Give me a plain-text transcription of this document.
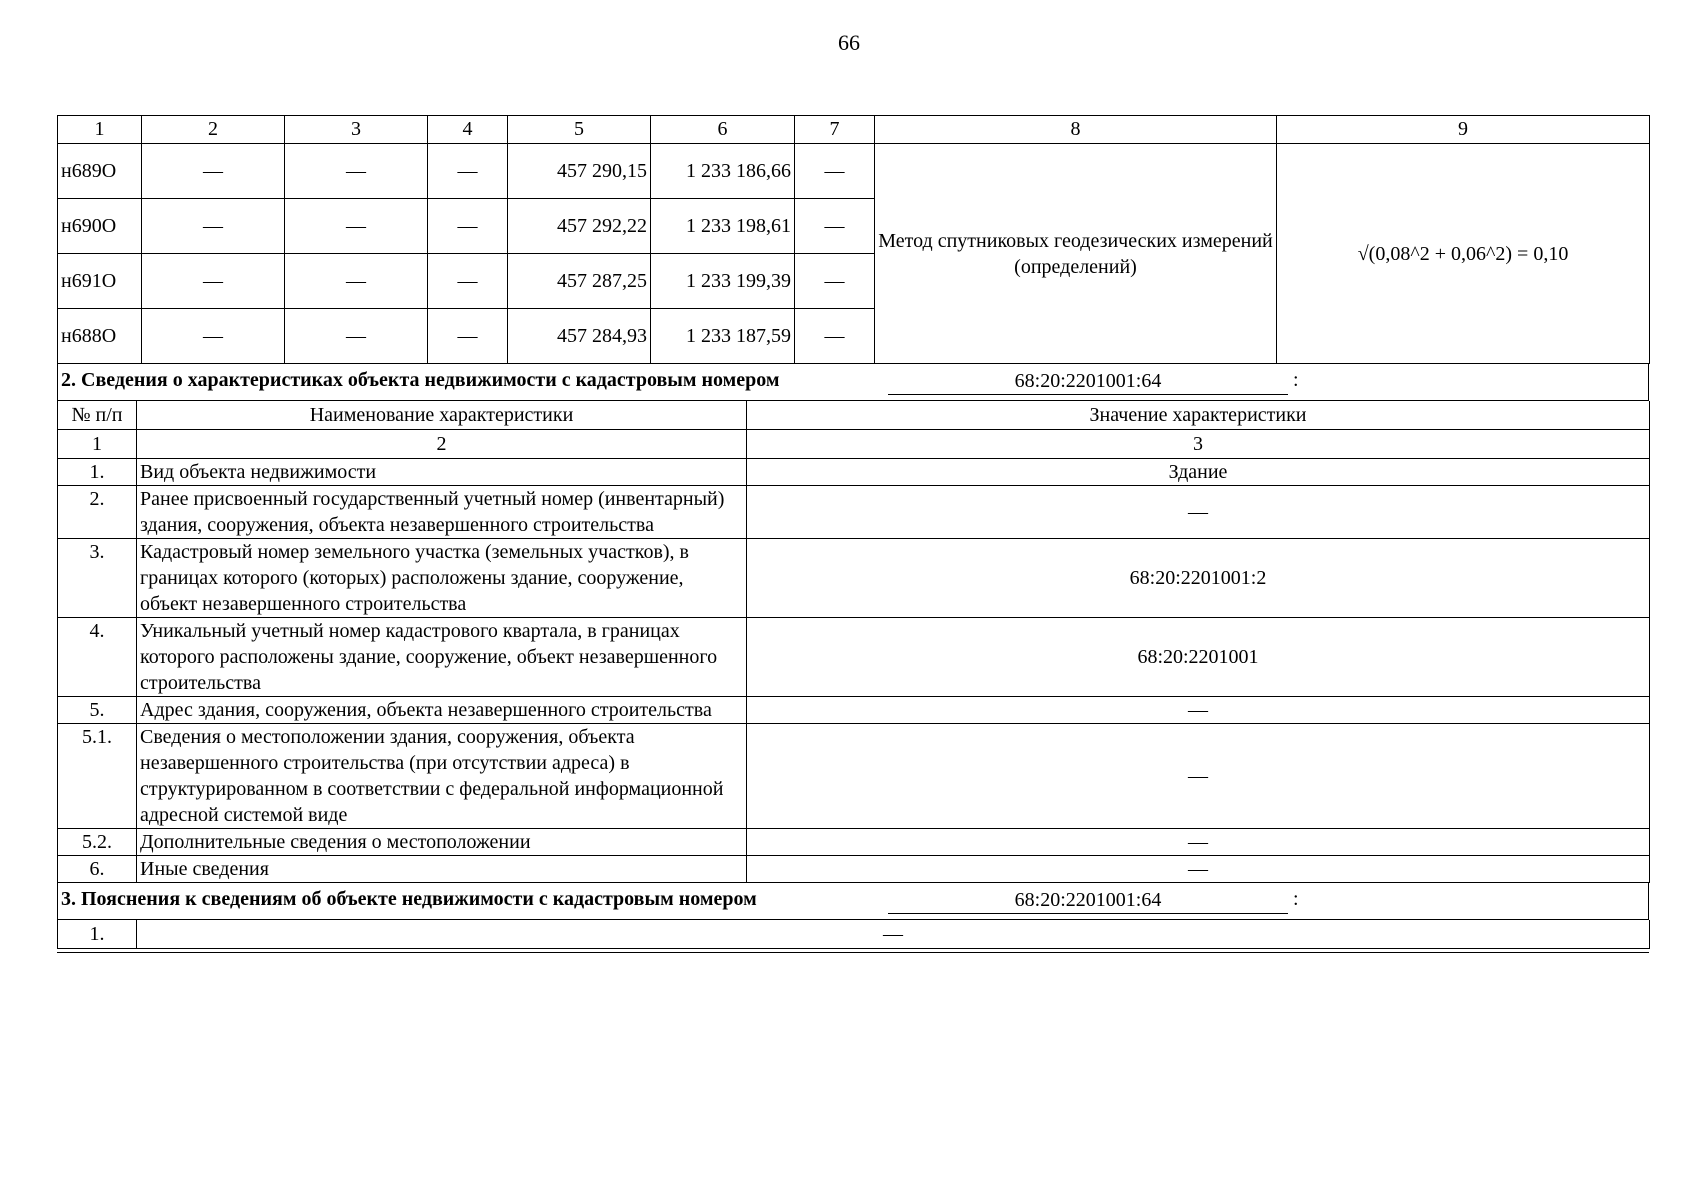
66
1	2	3	4	5	6	7	8	9
н689О	—	—	—	457 290,15	1 233 186,66	—	Метод спутниковых геодезических измерений (определений)	√(0,08^2 + 0,06^2) = 0,10
н690О	—	—	—	457 292,22	1 233 198,61	—		
н691О	—	—	—	457 287,25	1 233 199,39	—		
н688О	—	—	—	457 284,93	1 233 187,59	—		
2. Сведения о характеристиках объекта недвижимости с кадастровым номером	68:20:2201001:64	:
№ п/п	Наименование характеристики	Значение характеристики
1	2	3
1.	Вид объекта недвижимости	Здание
2.	Ранее присвоенный государственный учетный номер (инвентарный) здания, сооружения, объекта незавершенного строительства	—
3.	Кадастровый номер земельного участка (земельных участков), в границах которого (которых) расположены здание, сооружение, объект незавершенного строительства	68:20:2201001:2
4.	Уникальный учетный номер кадастрового квартала, в границах которого расположены здание, сооружение, объект незавершенного строительства	68:20:2201001
5.	Адрес здания, сооружения, объекта незавершенного строительства	—
5.1.	Сведения о местоположении здания, сооружения, объекта незавершенного строительства (при отсутствии адреса) в структурированном в соответствии с федеральной информационной адресной системой виде	—
5.2.	Дополнительные сведения о местоположении	—
6.	Иные сведения	—
3. Пояснения к сведениям об объекте недвижимости с кадастровым номером	68:20:2201001:64	:
1.	—
